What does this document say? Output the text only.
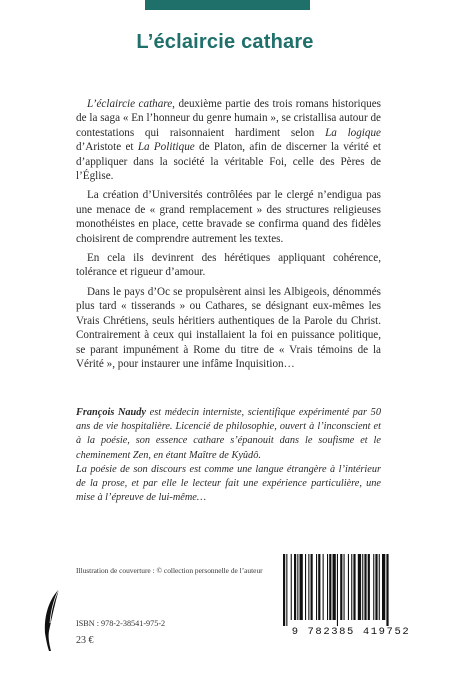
L’éclaircie cathare

L’éclaircie cathare, deuxième partie des trois romans historiques de la saga « En l’honneur du genre humain », se cristallisa autour de contestations qui raisonnaient hardiment selon La logique d’Aristote et La Politique de Platon, afin de discerner la vérité et d’appliquer dans la société la véritable Foi, celle des Pères de l’Église.

La création d’Universités contrôlées par le clergé n’endigua pas une menace de « grand remplacement » des structures religieuses monothéistes en place, cette bravade se confirma quand des fidèles choisirent de comprendre autrement les textes.

En cela ils devinrent des hérétiques appliquant cohérence, tolérance et rigueur d’amour.

Dans le pays d’Oc se propulsèrent ainsi les Albigeois, dénommés plus tard « tisserands » ou Cathares, se désignant eux-mêmes les Vrais Chrétiens, seuls héritiers authentiques de la Parole du Christ. Contrairement à ceux qui installaient la foi en puissance politique, se parant impunément à Rome du titre de « Vrais témoins de la Vérité », pour instaurer une infâme Inquisition…

François Naudy est médecin interniste, scientifique expérimenté par 50 ans de vie hospitalière. Licencié de philosophie, ouvert à l’inconscient et à la poésie, son essence cathare s’épanouit dans le soufisme et le cheminement Zen, en étant Maître de Kyûdô.

La poésie de son discours est comme une langue étrangère à l’intérieur de la prose, et par elle le lecteur fait une expérience particulière, une mise à l’épreuve de lui-même…

Illustration de couverture : © collection personnelle de l’auteur
ISBN : 978-2-38541-975-2
23 €
9 782385 419752
